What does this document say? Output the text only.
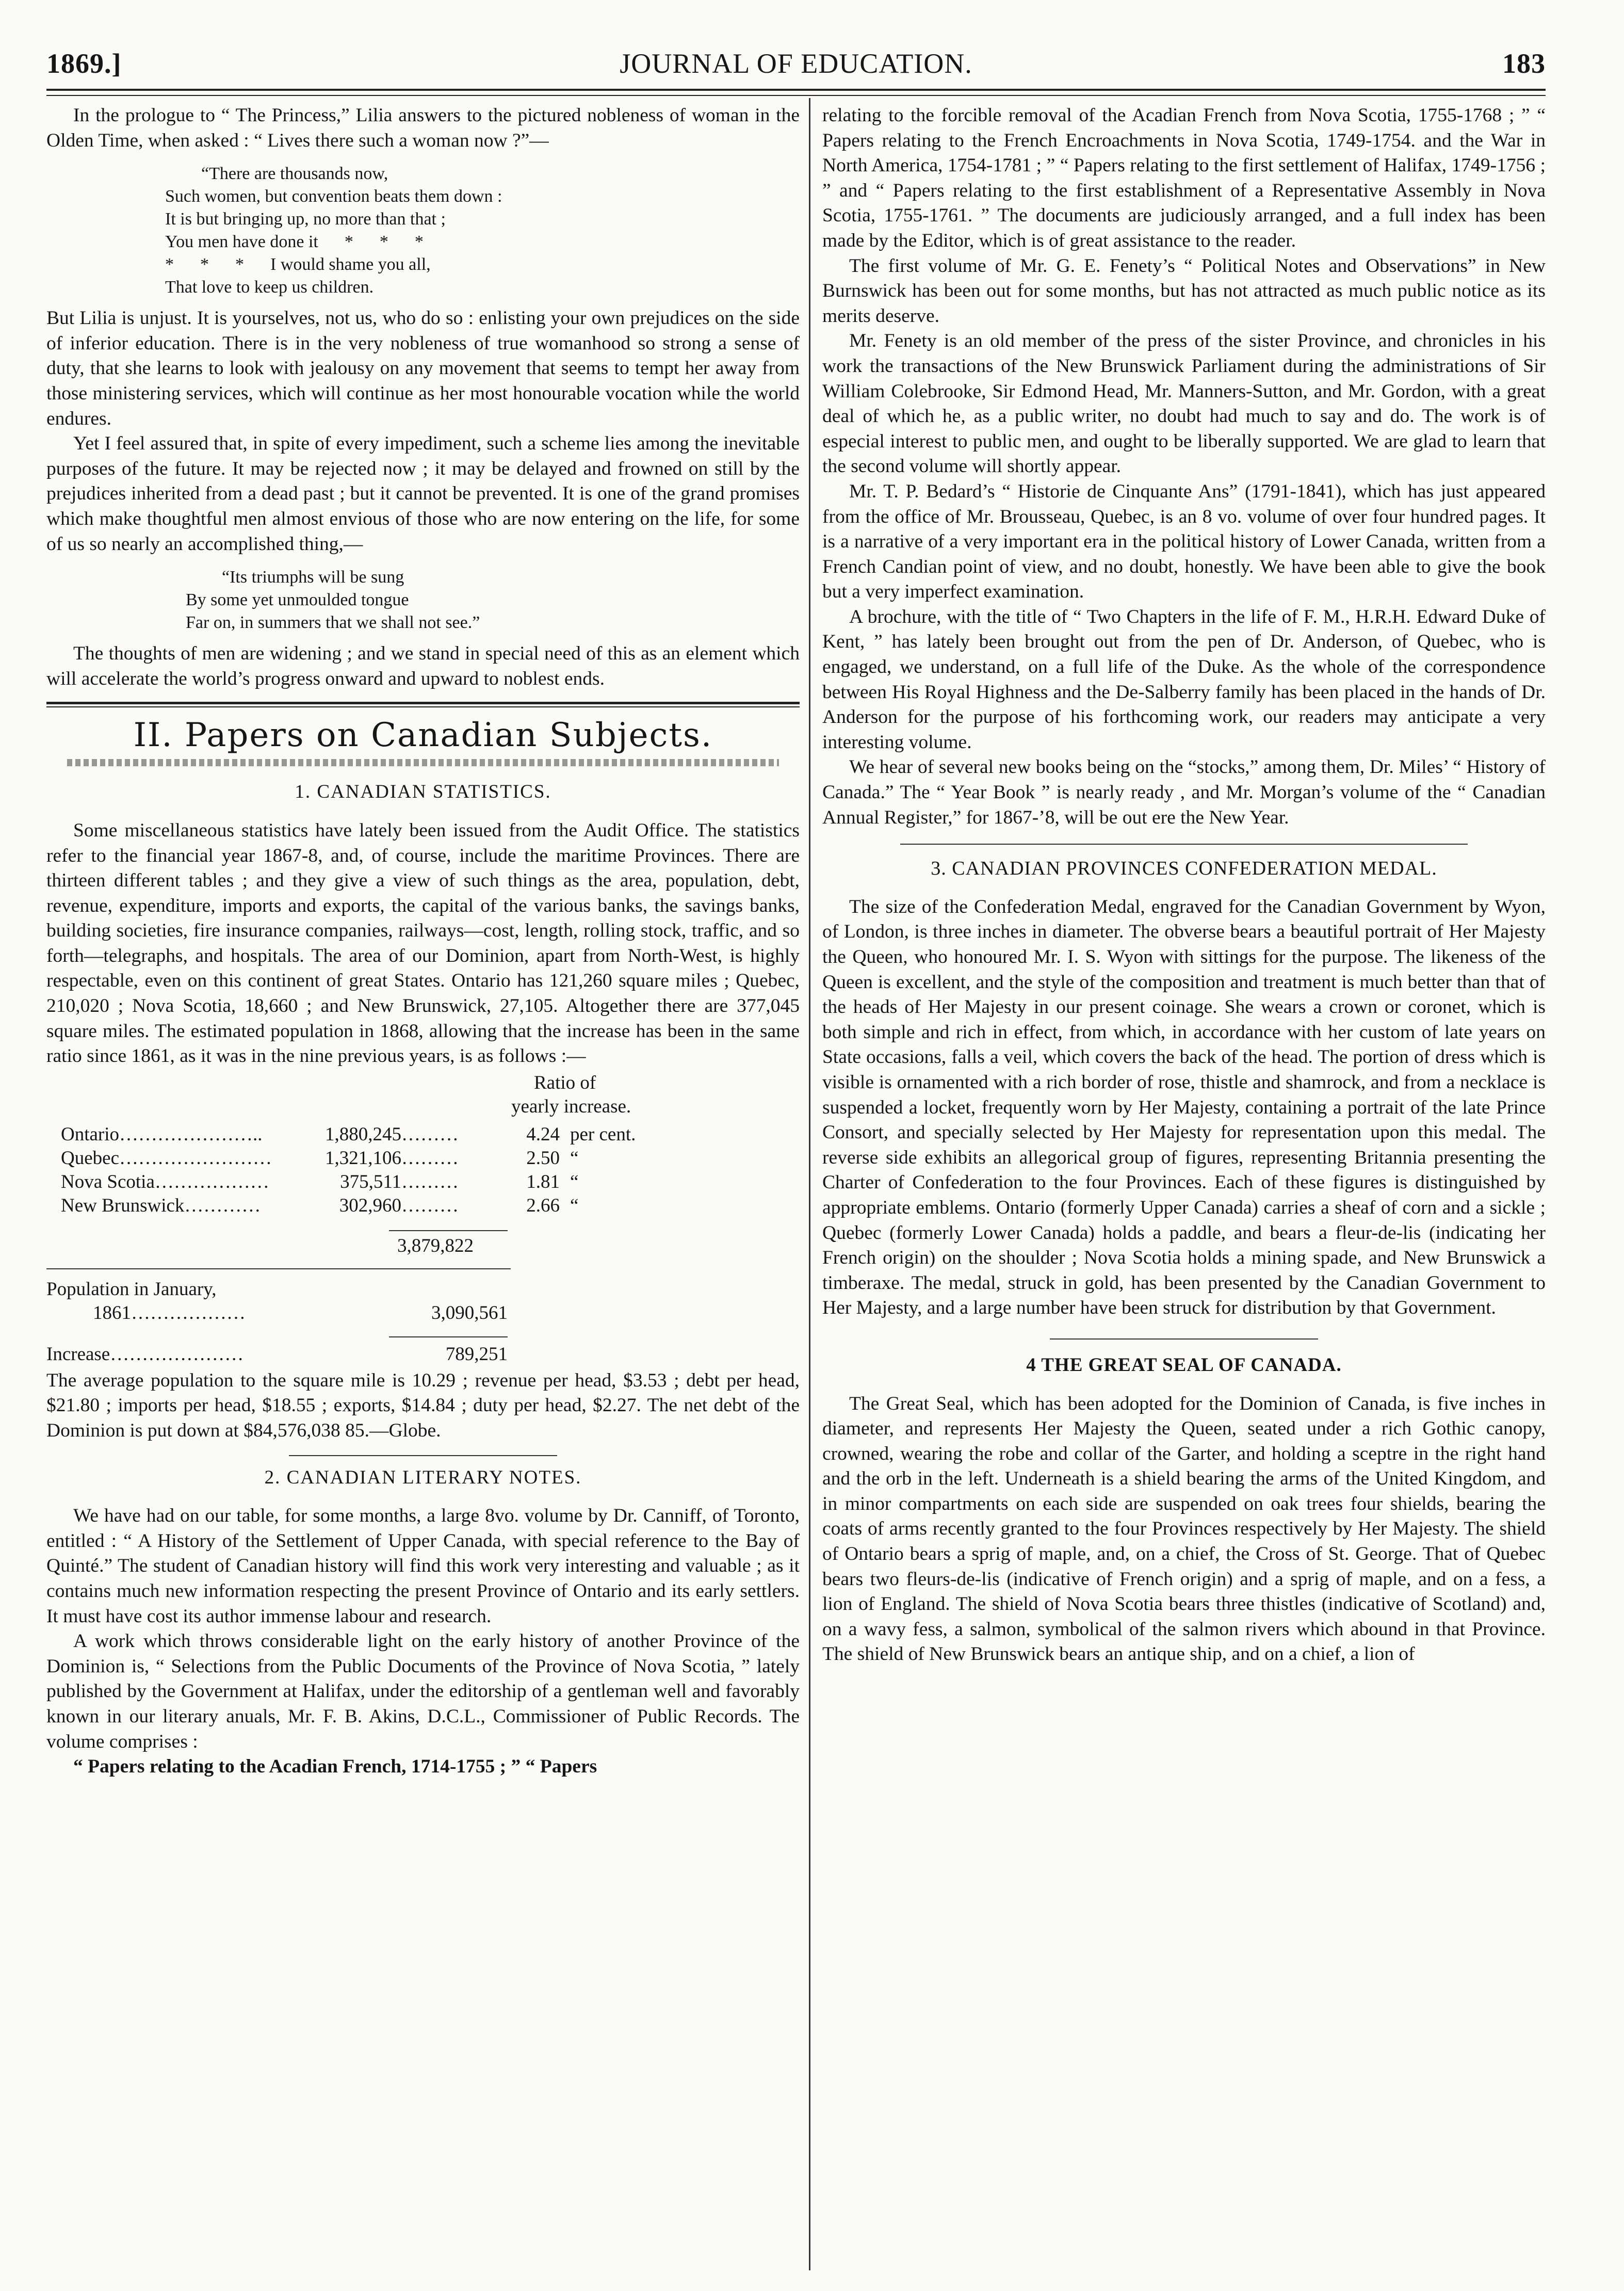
1869.]	JOURNAL OF EDUCATION.	183

In the prologue to “ The Princess,” Lilia answers to the pictured nobleness of woman in the Olden Time, when asked : “ Lives there such a woman now ?”—

“There are thousands now,
Such women, but convention beats them down :
It is but bringing up, no more than that ;
You men have done it      *      *      *
*      *      *      I would shame you all,
That love to keep us children.

But Lilia is unjust. It is yourselves, not us, who do so : enlisting your own prejudices on the side of inferior education. There is in the very nobleness of true womanhood so strong a sense of duty, that she learns to look with jealousy on any movement that seems to tempt her away from those ministering services, which will continue as her most honourable vocation while the world endures.

Yet I feel assured that, in spite of every impediment, such a scheme lies among the inevitable purposes of the future. It may be rejected now ; it may be delayed and frowned on still by the prejudices inherited from a dead past ; but it cannot be prevented. It is one of the grand promises which make thoughtful men almost envious of those who are now entering on the life, for some of us so nearly an accomplished thing,—

“Its triumphs will be sung
By some yet unmoulded tongue
Far on, in summers that we shall not see.”

The thoughts of men are widening ; and we stand in special need of this as an element which will accelerate the world’s progress onward and upward to noblest ends.

II. Papers on Canadian Subjects.
1. CANADIAN STATISTICS.

Some miscellaneous statistics have lately been issued from the Audit Office. The statistics refer to the financial year 1867-8, and, of course, include the maritime Provinces. There are thirteen different tables ; and they give a view of such things as the area, population, debt, revenue, expenditure, imports and exports, the capital of the various banks, the savings banks, building societies, fire insurance companies, railways—cost, length, rolling stock, traffic, and so forth—telegraphs, and hospitals. The area of our Dominion, apart from North-West, is highly respectable, even on this continent of great States. Ontario has 121,260 square miles ; Quebec, 210,020 ; Nova Scotia, 18,660 ; and New Brunswick, 27,105. Altogether there are 377,045 square miles. The estimated population in 1868, allowing that the increase has been in the same ratio since 1861, as it was in the nine previous years, is as follows :—

Ratio of
yearly increase.
Ontario…………………..	1,880,245………	4.24	per cent.
Quebec……………………	1,321,106………	2.50	“
Nova Scotia………………	375,511………	1.81	“
New Brunswick…………	302,960………	2.66	“
3,879,822
Population in January,
1861………………	3,090,561
Increase…………………	789,251

The average population to the square mile is 10.29 ; revenue per head, $3.53 ; debt per head, $21.80 ; imports per head, $18.55 ; exports, $14.84 ; duty per head, $2.27. The net debt of the Dominion is put down at $84,576,038 85.—Globe.

2. CANADIAN LITERARY NOTES.

We have had on our table, for some months, a large 8vo. volume by Dr. Canniff, of Toronto, entitled : “ A History of the Settlement of Upper Canada, with special reference to the Bay of Quinté.” The student of Canadian history will find this work very interesting and valuable ; as it contains much new information respecting the present Province of Ontario and its early settlers. It must have cost its author immense labour and research.

A work which throws considerable light on the early history of another Province of the Dominion is, “ Selections from the Public Documents of the Province of Nova Scotia, ” lately published by the Government at Halifax, under the editorship of a gentleman well and favorably known in our literary anuals, Mr. F. B. Akins, D.C.L., Commissioner of Public Records. The volume comprises :

“ Papers relating to the Acadian French, 1714-1755 ; ” “ Papers

relating to the forcible removal of the Acadian French from Nova Scotia, 1755-1768 ; ” “ Papers relating to the French Encroachments in Nova Scotia, 1749-1754. and the War in North America, 1754-1781 ; ” “ Papers relating to the first settlement of Halifax, 1749-1756 ; ” and “ Papers relating to the first establishment of a Representative Assembly in Nova Scotia, 1755-1761. ” The documents are judiciously arranged, and a full index has been made by the Editor, which is of great assistance to the reader.

The first volume of Mr. G. E. Fenety’s “ Political Notes and Observations” in New Burnswick has been out for some months, but has not attracted as much public notice as its merits deserve.

Mr. Fenety is an old member of the press of the sister Province, and chronicles in his work the transactions of the New Brunswick Parliament during the administrations of Sir William Colebrooke, Sir Edmond Head, Mr. Manners-Sutton, and Mr. Gordon, with a great deal of which he, as a public writer, no doubt had much to say and do. The work is of especial interest to public men, and ought to be liberally supported. We are glad to learn that the second volume will shortly appear.

Mr. T. P. Bedard’s “ Historie de Cinquante Ans” (1791-1841), which has just appeared from the office of Mr. Brousseau, Quebec, is an 8 vo. volume of over four hundred pages. It is a narrative of a very important era in the political history of Lower Canada, written from a French Candian point of view, and no doubt, honestly. We have been able to give the book but a very imperfect examination.

A brochure, with the title of “ Two Chapters in the life of F. M., H.R.H. Edward Duke of Kent, ” has lately been brought out from the pen of Dr. Anderson, of Quebec, who is engaged, we understand, on a full life of the Duke. As the whole of the correspondence between His Royal Highness and the De-Salberry family has been placed in the hands of Dr. Anderson for the purpose of his forthcoming work, our readers may anticipate a very interesting volume.

We hear of several new books being on the “stocks,” among them, Dr. Miles’ “ History of Canada.” The “ Year Book ” is nearly ready , and Mr. Morgan’s volume of the “ Canadian Annual Register,” for 1867-’8, will be out ere the New Year.

3. CANADIAN PROVINCES CONFEDERATION MEDAL.

The size of the Confederation Medal, engraved for the Canadian Government by Wyon, of London, is three inches in diameter. The obverse bears a beautiful portrait of Her Majesty the Queen, who honoured Mr. I. S. Wyon with sittings for the purpose. The likeness of the Queen is excellent, and the style of the composition and treatment is much better than that of the heads of Her Majesty in our present coinage. She wears a crown or coronet, which is both simple and rich in effect, from which, in accordance with her custom of late years on State occasions, falls a veil, which covers the back of the head. The portion of dress which is visible is ornamented with a rich border of rose, thistle and shamrock, and from a necklace is suspended a locket, frequently worn by Her Majesty, containing a portrait of the late Prince Consort, and specially selected by Her Majesty for representation upon this medal. The reverse side exhibits an allegorical group of figures, representing Britannia presenting the Charter of Confederation to the four Provinces. Each of these figures is distinguished by appropriate emblems. Ontario (formerly Upper Canada) carries a sheaf of corn and a sickle ; Quebec (formerly Lower Canada) holds a paddle, and bears a fleur-de-lis (indicating her French origin) on the shoulder ; Nova Scotia holds a mining spade, and New Brunswick a timberaxe. The medal, struck in gold, has been presented by the Canadian Government to Her Majesty, and a large number have been struck for distribution by that Government.

4 THE GREAT SEAL OF CANADA.

The Great Seal, which has been adopted for the Dominion of Canada, is five inches in diameter, and represents Her Majesty the Queen, seated under a rich Gothic canopy, crowned, wearing the robe and collar of the Garter, and holding a sceptre in the right hand and the orb in the left. Underneath is a shield bearing the arms of the United Kingdom, and in minor compartments on each side are suspended on oak trees four shields, bearing the coats of arms recently granted to the four Provinces respectively by Her Majesty. The shield of Ontario bears a sprig of maple, and, on a chief, the Cross of St. George. That of Quebec bears two fleurs-de-lis (indicative of French origin) and a sprig of maple, and on a fess, a lion of England. The shield of Nova Scotia bears three thistles (indicative of Scotland) and, on a wavy fess, a salmon, symbolical of the salmon rivers which abound in that Province. The shield of New Brunswick bears an antique ship, and on a chief, a lion of
